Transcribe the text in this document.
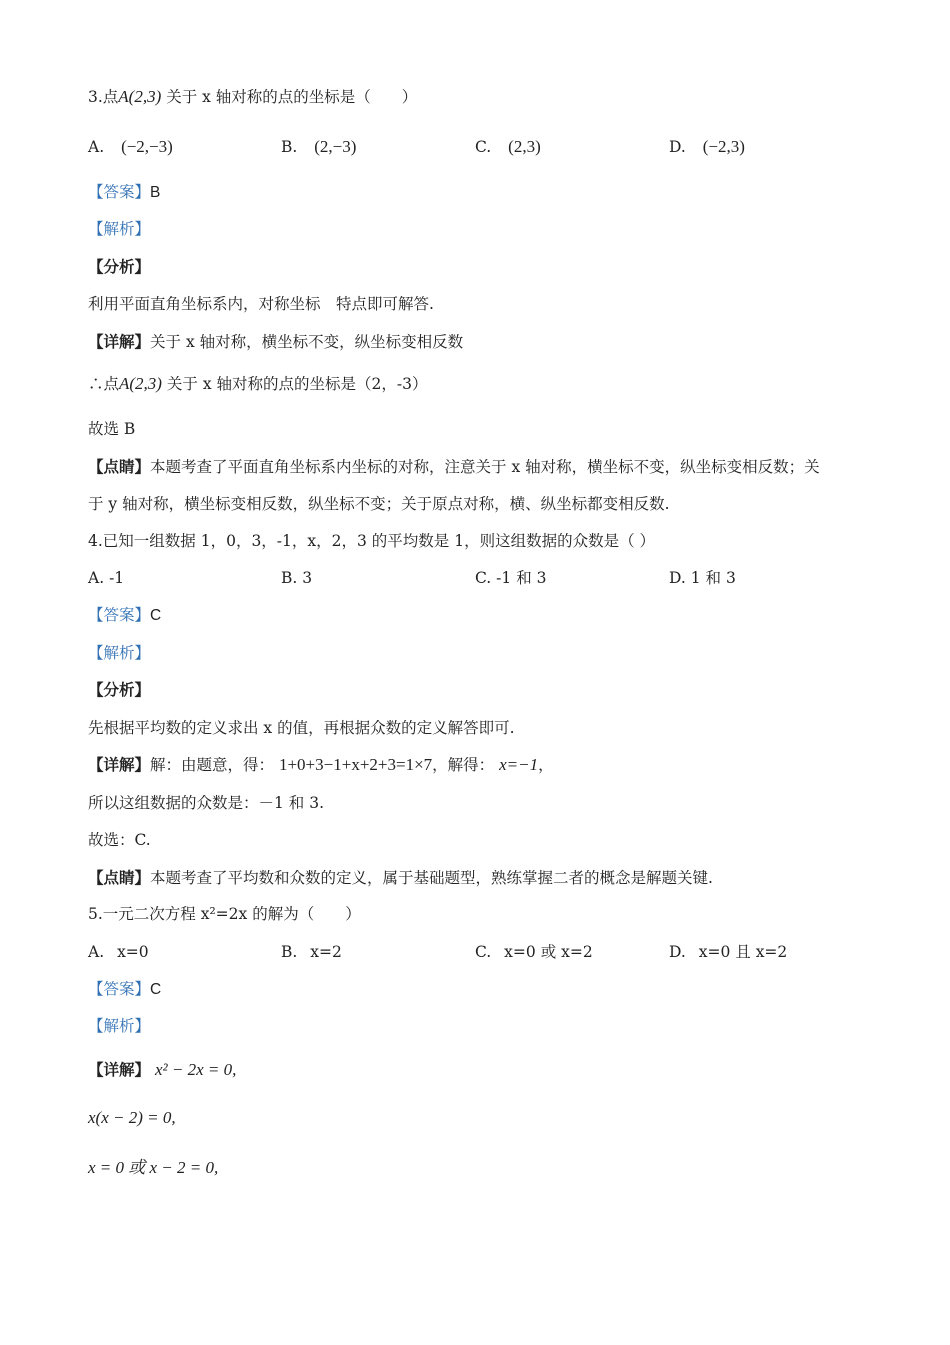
3.点A(2,3) 关于 x 轴对称的点的坐标是（　　）
A. (−2,−3)	B. (2,−3)	C. (2,3)	D. (−2,3)
【答案】B
【解析】
【分析】
利用平面直角坐标系内，对称坐标　特点即可解答.
【详解】关于 x 轴对称，横坐标不变，纵坐标变相反数
∴点A(2,3) 关于 x 轴对称的点的坐标是（2，-3）
故选 B
【点睛】本题考查了平面直角坐标系内坐标的对称，注意关于 x 轴对称，横坐标不变，纵坐标变相反数；关
于 y 轴对称，横坐标变相反数，纵坐标不变；关于原点对称，横、纵坐标都变相反数.
4.已知一组数据 1，0，3，-1，x，2，3 的平均数是 1，则这组数据的众数是（ ）
A. -1	B. 3	C. -1 和 3	D. 1 和 3
【答案】C
【解析】
【分析】
先根据平均数的定义求出 x 的值，再根据众数的定义解答即可.
【详解】解：由题意，得： 1+0+3−1+x+2+3=1×7，解得： x=−1，
所以这组数据的众数是：－1 和 3.
故选：C.
【点睛】本题考查了平均数和众数的定义，属于基础题型，熟练掌握二者的概念是解题关键.
5.一元二次方程 x²=2x 的解为（　　）
A. x=0	B. x=2	C. x=0 或 x=2	D. x=0 且 x=2
【答案】C
【解析】
【详解】 x² − 2x = 0,
x(x − 2) = 0,
x = 0 或 x − 2 = 0,
